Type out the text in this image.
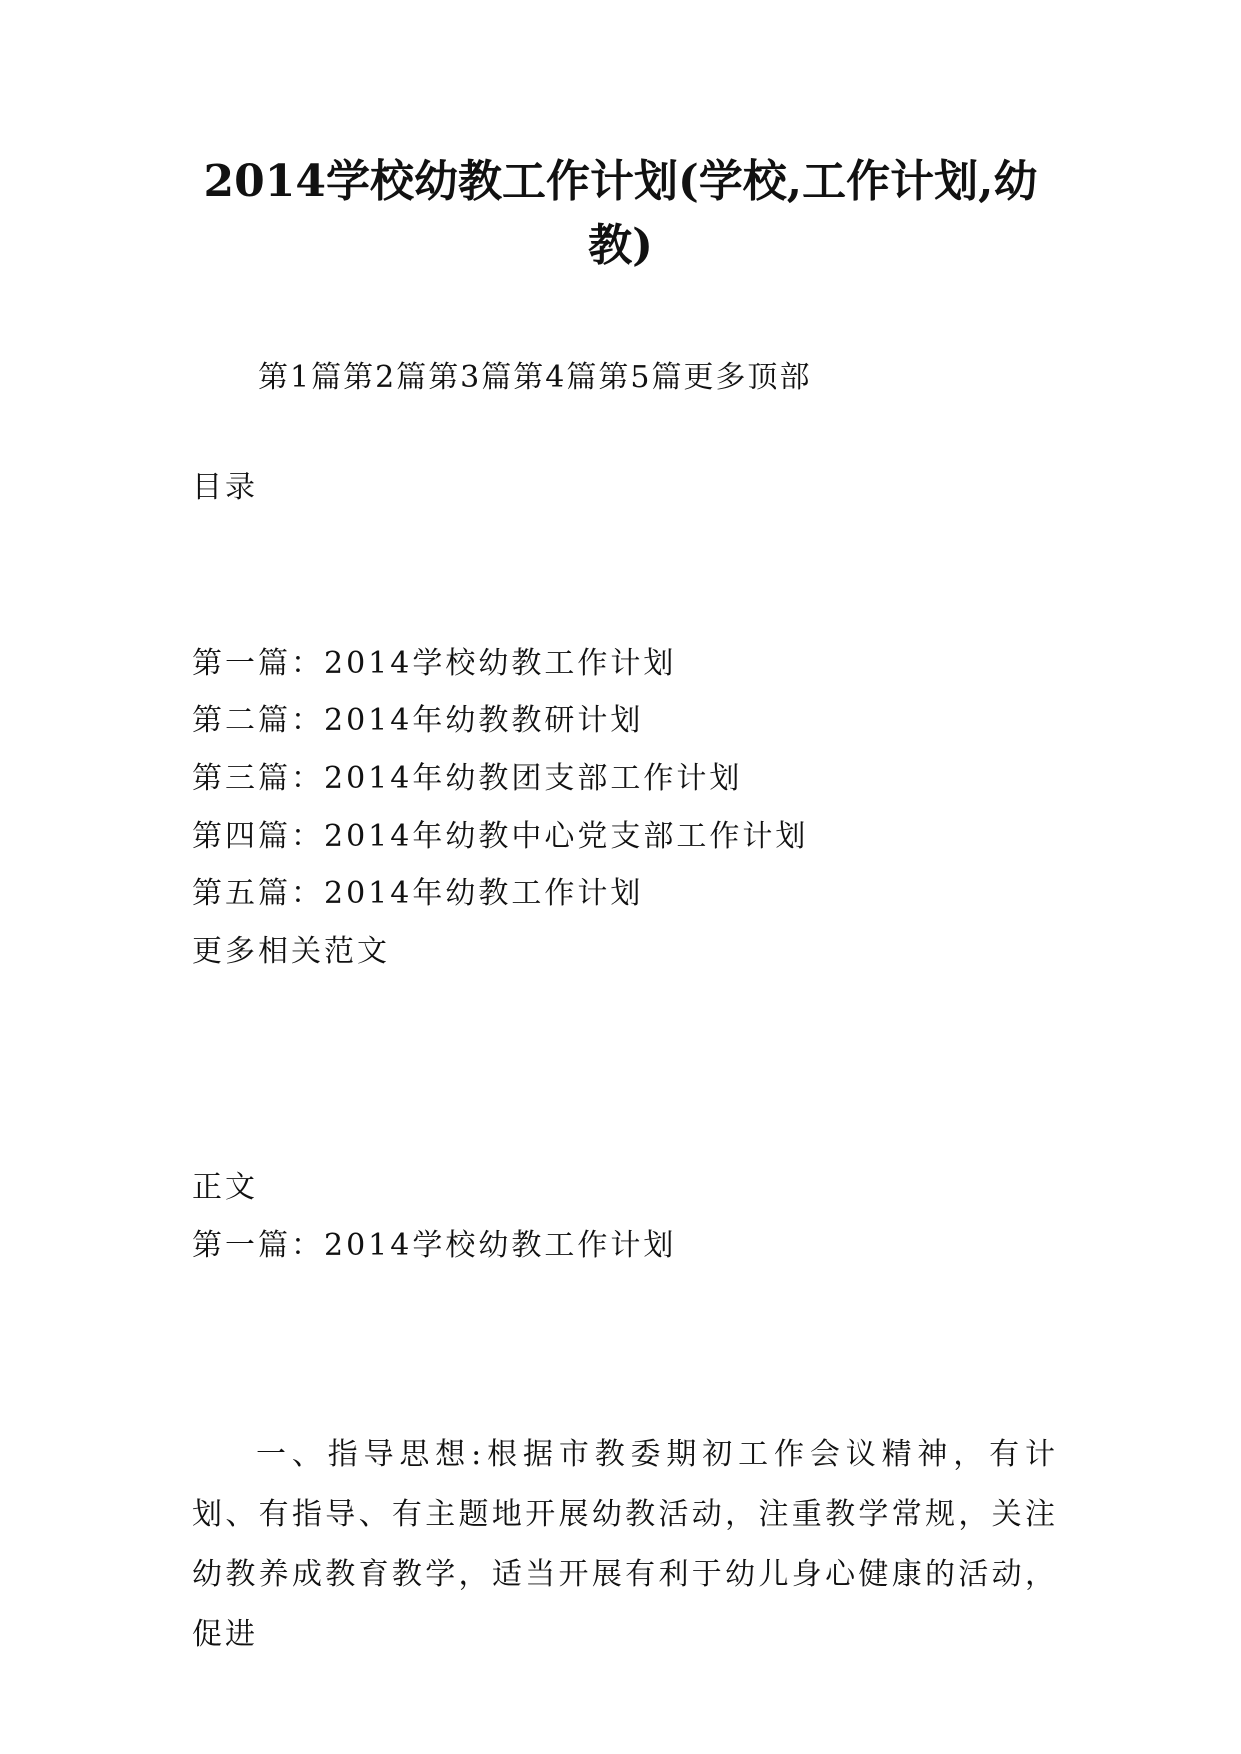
2014学校幼教工作计划(学校,工作计划,幼教)
第1篇第2篇第3篇第4篇第5篇更多顶部
目录
第一篇：2014学校幼教工作计划
第二篇：2014年幼教教研计划
第三篇：2014年幼教团支部工作计划
第四篇：2014年幼教中心党支部工作计划
第五篇：2014年幼教工作计划
更多相关范文
正文
第一篇：2014学校幼教工作计划

一、指导思想:根据市教委期初工作会议精神，有计划、有指导、有主题地开展幼教活动，注重教学常规，关注幼教养成教育教学，适当开展有利于幼儿身心健康的活动，促进
